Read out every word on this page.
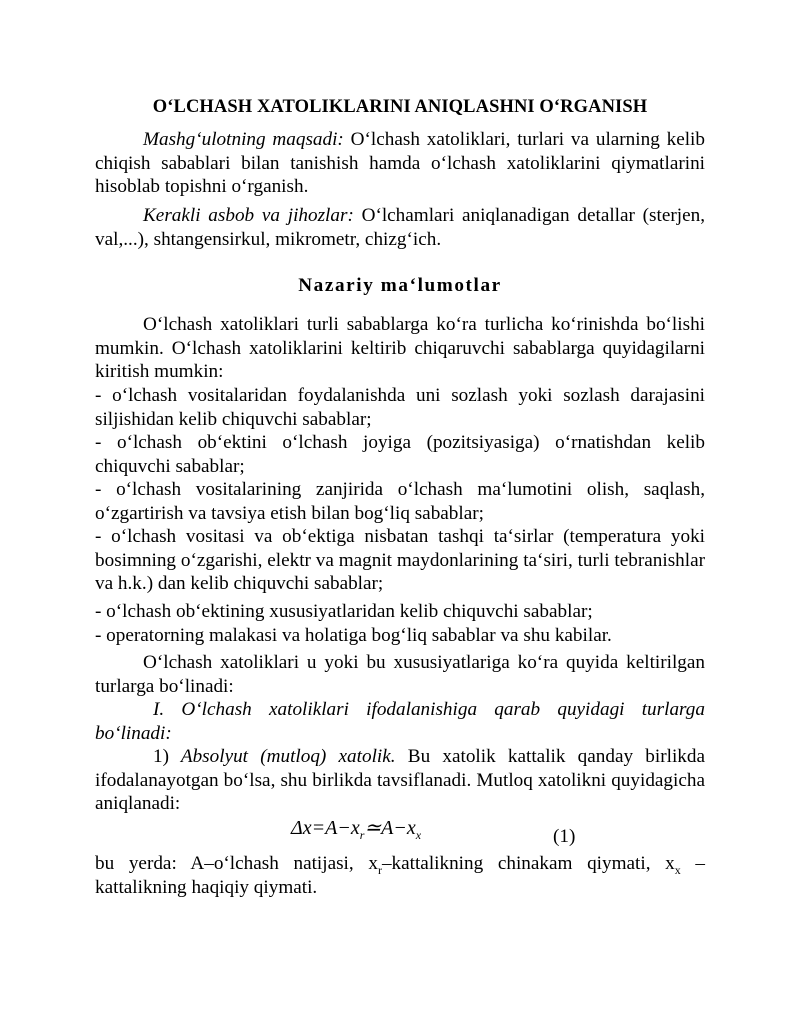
O‘LCHASH XATOLIKLARINI ANIQLASHNI O‘RGANISH
Mashg‘ulotning maqsadi: O‘lchash xatoliklari, turlari va ularning kelib chiqish sabablari bilan tanishish hamda o‘lchash xatoliklarini qiymatlarini hisoblab topishni o‘rganish.
Kerakli asbob va jihozlar: O‘lchamlari aniqlanadigan detallar (sterjen, val,...), shtangensirkul, mikrometr, chizg‘ich.
Nazariy ma‘lumotlar
O‘lchash xatoliklari turli sabablarga ko‘ra turlicha ko‘rinishda bo‘lishi mumkin. O‘lchash xatoliklarini keltirib chiqaruvchi sabablarga quyidagilarni kiritish mumkin:
- o‘lchash vositalaridan foydalanishda uni sozlash yoki sozlash darajasini siljishidan kelib chiquvchi sabablar;
- o‘lchash ob‘ektini o‘lchash joyiga (pozitsiyasiga) o‘rnatishdan kelib chiquvchi sabablar;
- o‘lchash vositalarining zanjirida o‘lchash ma‘lumotini olish, saqlash, o‘zgartirish va tavsiya etish bilan bog‘liq sabablar;
- o‘lchash vositasi va ob‘ektiga nisbatan tashqi ta‘sirlar (temperatura yoki bosimning o‘zgarishi, elektr va magnit maydonlarining ta‘siri, turli tebranishlar va h.k.) dan kelib chiquvchi sabablar;
- o‘lchash ob‘ektining xususiyatlaridan kelib chiquvchi sabablar;
- operatorning malakasi va holatiga bog‘liq sabablar va shu kabilar.
O‘lchash xatoliklari u yoki bu xususiyatlariga ko‘ra quyida keltirilgan turlarga bo‘linadi:
I. O‘lchash xatoliklari ifodalanishiga qarab quyidagi turlarga bo‘linadi:
1) Absolyut (mutloq) xatolik. Bu xatolik kattalik qanday birlikda ifodalanayotgan bo‘lsa, shu birlikda tavsiflanadi. Mutloq xatolikni quyidagicha aniqlanadi:
$\Delta x=A-x_r≃A-x_x$	(1)
bu yerda: A–o‘lchash natijasi, $x_r$–kattalikning chinakam qiymati, $x_x$ – kattalikning haqiqiy qiymati.
